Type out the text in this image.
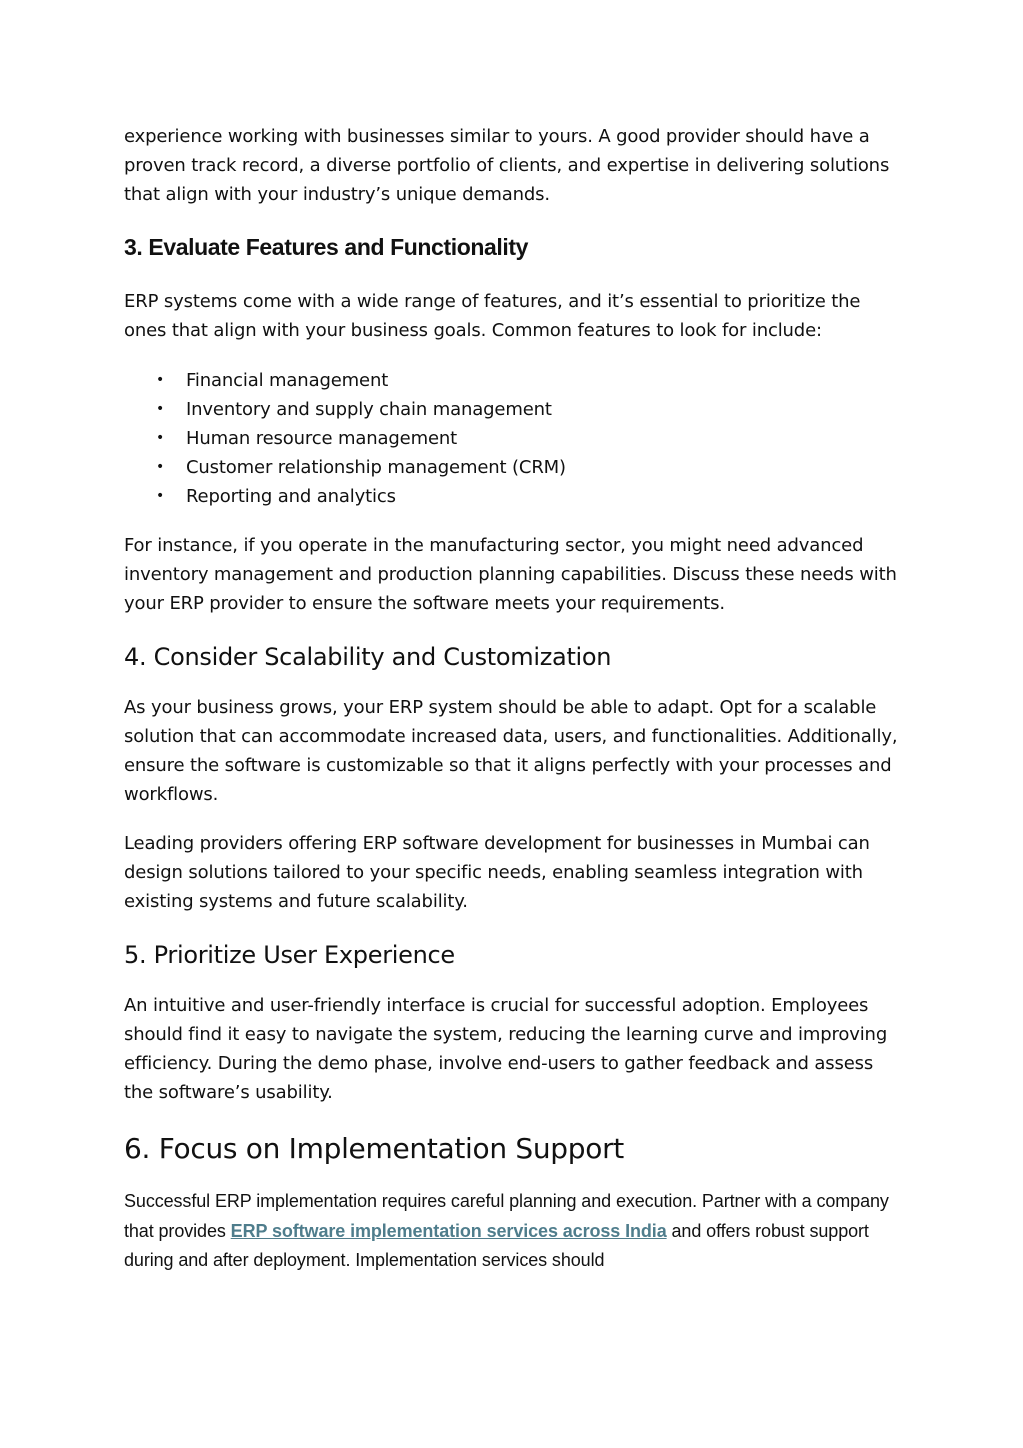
experience working with businesses similar to yours. A good provider should have a proven track record, a diverse portfolio of clients, and expertise in delivering solutions that align with your industry’s unique demands.

3. Evaluate Features and Functionality

ERP systems come with a wide range of features, and it’s essential to prioritize the ones that align with your business goals. Common features to look for include:

• Financial management
• Inventory and supply chain management
• Human resource management
• Customer relationship management (CRM)
• Reporting and analytics

For instance, if you operate in the manufacturing sector, you might need advanced inventory management and production planning capabilities. Discuss these needs with your ERP provider to ensure the software meets your requirements.

4. Consider Scalability and Customization

As your business grows, your ERP system should be able to adapt. Opt for a scalable solution that can accommodate increased data, users, and functionalities. Additionally, ensure the software is customizable so that it aligns perfectly with your processes and workflows.

Leading providers offering ERP software development for businesses in Mumbai can design solutions tailored to your specific needs, enabling seamless integration with existing systems and future scalability.

5. Prioritize User Experience

An intuitive and user-friendly interface is crucial for successful adoption. Employees should find it easy to navigate the system, reducing the learning curve and improving efficiency. During the demo phase, involve end-users to gather feedback and assess the software’s usability.

6. Focus on Implementation Support

Successful ERP implementation requires careful planning and execution. Partner with a company that provides ERP software implementation services across India and offers robust support during and after deployment. Implementation services should
